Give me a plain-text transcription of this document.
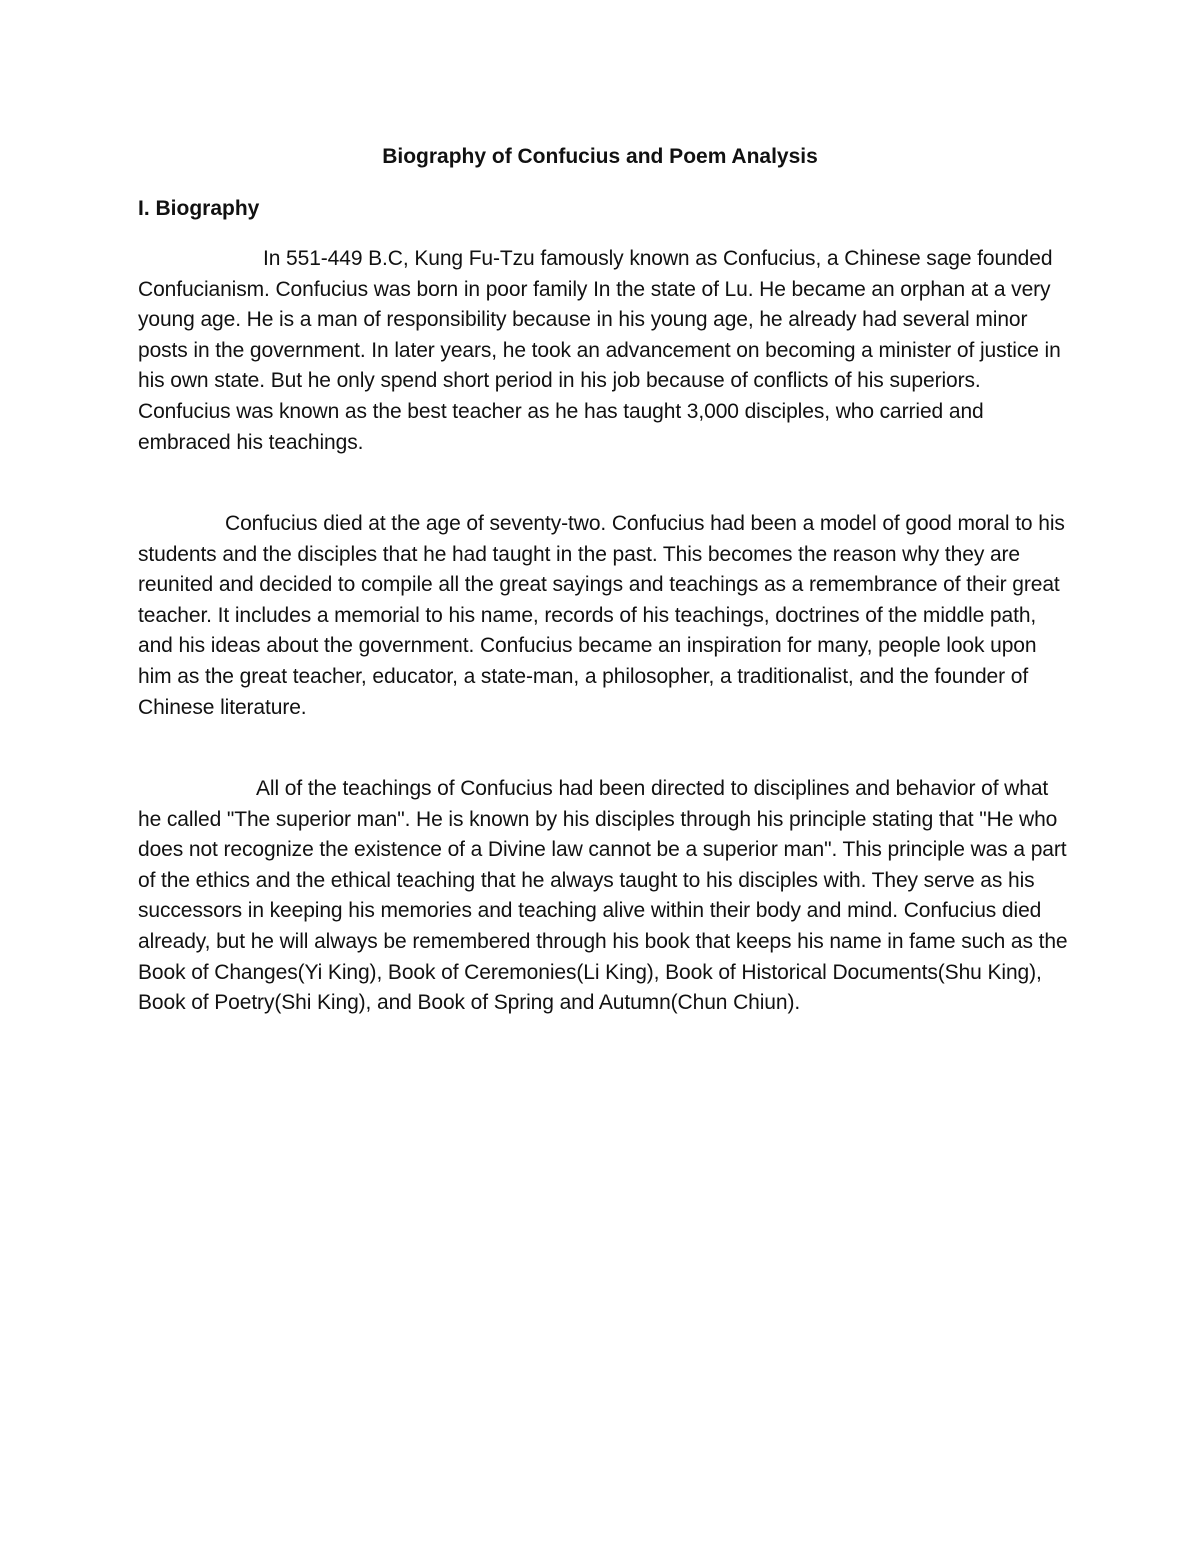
Biography of Confucius and Poem Analysis
I. Biography

In 551-449 B.C, Kung Fu-Tzu famously known as Confucius, a Chinese sage founded Confucianism. Confucius was born in poor family In the state of Lu. He became an orphan at a very young age. He is a man of responsibility because in his young age, he already had several minor posts in the government. In later years, he took an advancement on becoming a minister of justice in his own state. But he only spend short period in his job because of conflicts of his superiors. Confucius was known as the best teacher as he has taught 3,000 disciples, who carried and embraced his teachings.

Confucius died at the age of seventy-two. Confucius had been a model of good moral to his students and the disciples that he had taught in the past. This becomes the reason why they are reunited and decided to compile all the great sayings and teachings as a remembrance of their great teacher. It includes a memorial to his name, records of his teachings, doctrines of the middle path, and his ideas about the government. Confucius became an inspiration for many, people look upon him as the great teacher, educator, a state-man, a philosopher, a traditionalist, and the founder of Chinese literature.

All of the teachings of Confucius had been directed to disciplines and behavior of what he called "The superior man". He is known by his disciples through his principle stating that "He who does not recognize the existence of a Divine law cannot be a superior man". This principle was a part of the ethics and the ethical teaching that he always taught to his disciples with. They serve as his successors in keeping his memories and teaching alive within their body and mind. Confucius died already, but he will always be remembered through his book that keeps his name in fame such as the Book of Changes(Yi King), Book of Ceremonies(Li King), Book of Historical Documents(Shu King), Book of Poetry(Shi King), and Book of Spring and Autumn(Chun Chiun).
